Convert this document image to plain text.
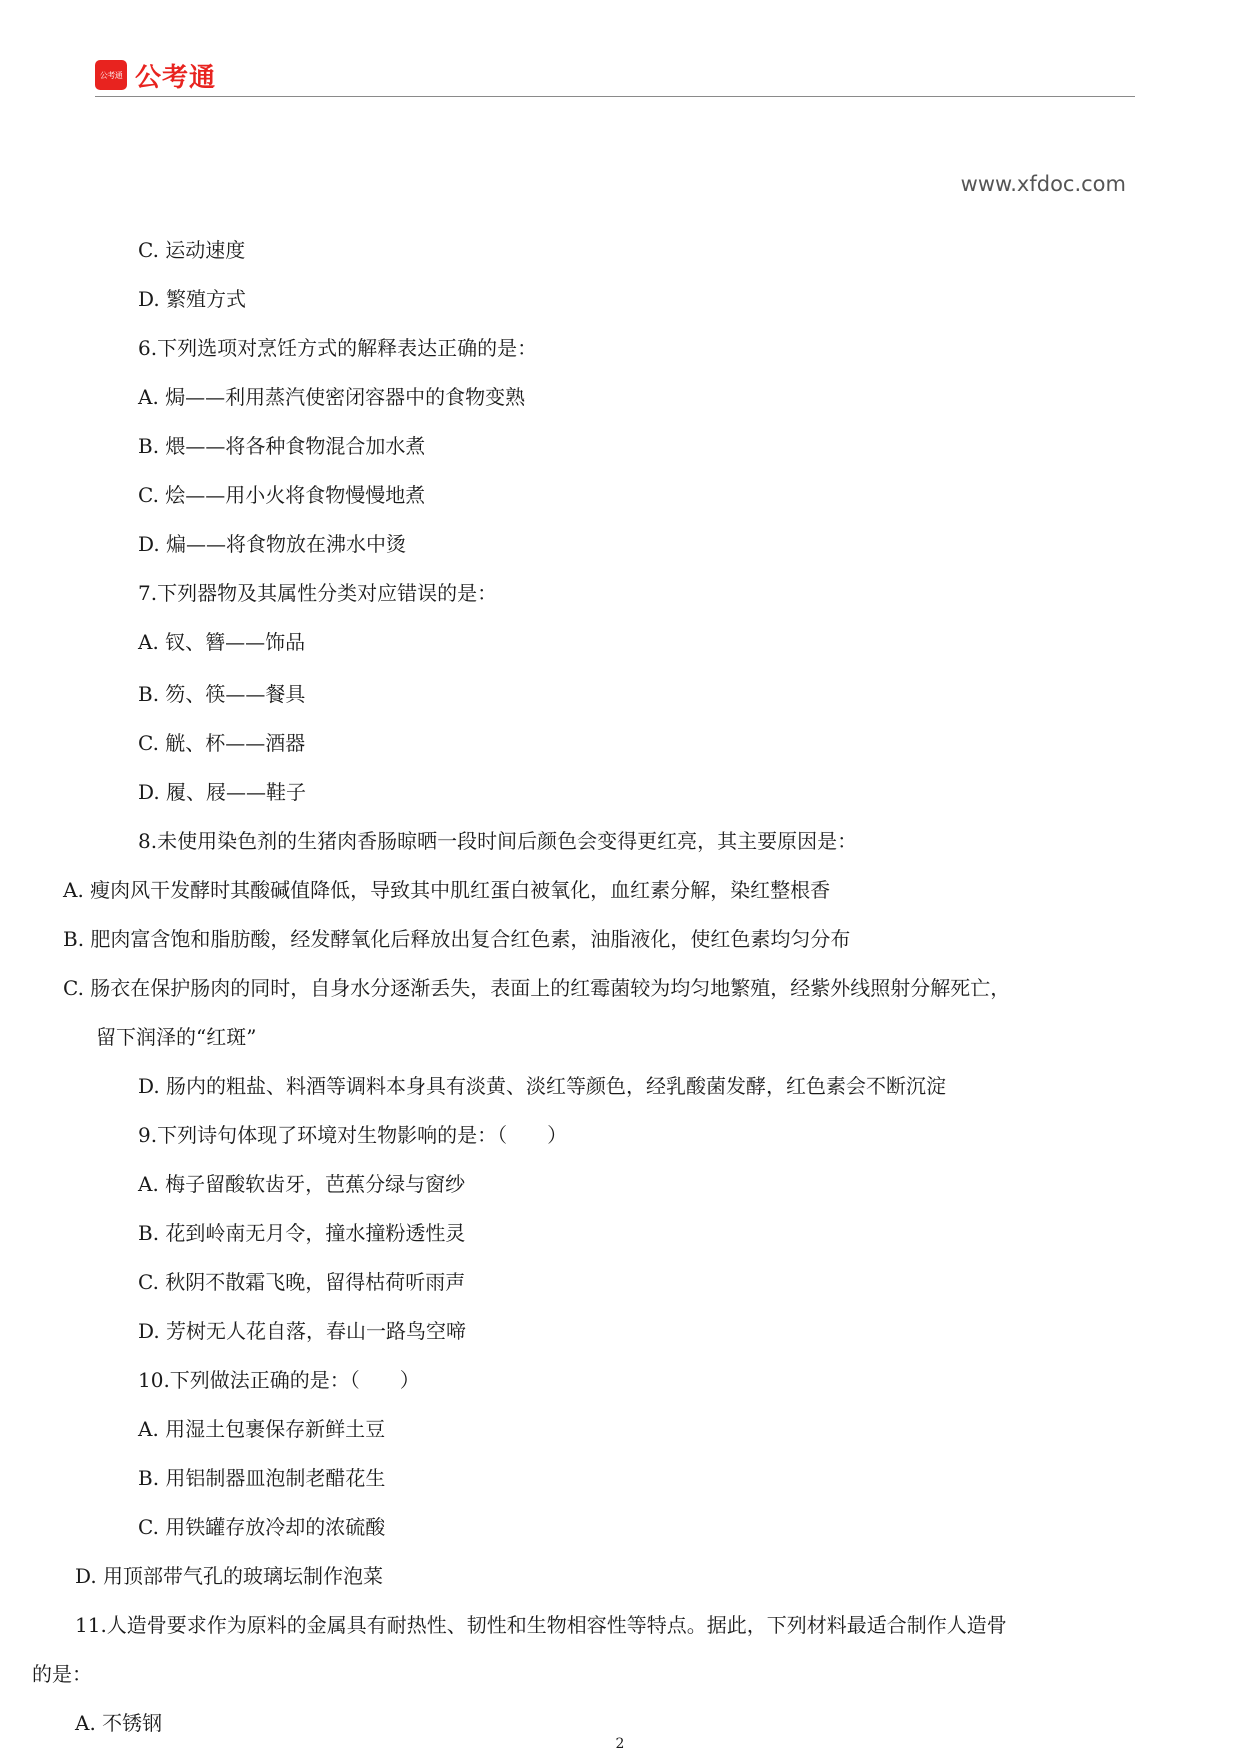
公考通 公考通
www.xfdoc.com
C. 运动速度
D. 繁殖方式
6.下列选项对烹饪方式的解释表达正确的是：
A. 焗——利用蒸汽使密闭容器中的食物变熟
B. 煨——将各种食物混合加水煮
C. 烩——用小火将食物慢慢地煮
D. 煸——将食物放在沸水中烫
7.下列器物及其属性分类对应错误的是：
A. 钗、簪——饰品
B. 笏、筷——餐具
C. 觥、杯——酒器
D. 履、屐——鞋子
8.未使用染色剂的生猪肉香肠晾晒一段时间后颜色会变得更红亮，其主要原因是：
A. 瘦肉风干发酵时其酸碱值降低，导致其中肌红蛋白被氧化，血红素分解，染红整根香
B. 肥肉富含饱和脂肪酸，经发酵氧化后释放出复合红色素，油脂液化，使红色素均匀分布
C. 肠衣在保护肠肉的同时，自身水分逐渐丢失，表面上的红霉菌较为均匀地繁殖，经紫外线照射分解死亡，
留下润泽的“红斑”
D. 肠内的粗盐、料酒等调料本身具有淡黄、淡红等颜色，经乳酸菌发酵，红色素会不断沉淀
9.下列诗句体现了环境对生物影响的是：（　　）
A. 梅子留酸软齿牙，芭蕉分绿与窗纱
B. 花到岭南无月令，撞水撞粉透性灵
C. 秋阴不散霜飞晚，留得枯荷听雨声
D. 芳树无人花自落，春山一路鸟空啼
10.下列做法正确的是：（　　）
A. 用湿土包裹保存新鲜土豆
B. 用铝制器皿泡制老醋花生
C. 用铁罐存放冷却的浓硫酸
D. 用顶部带气孔的玻璃坛制作泡菜
11.人造骨要求作为原料的金属具有耐热性、韧性和生物相容性等特点。据此，下列材料最适合制作人造骨
的是：
A. 不锈钢
2
